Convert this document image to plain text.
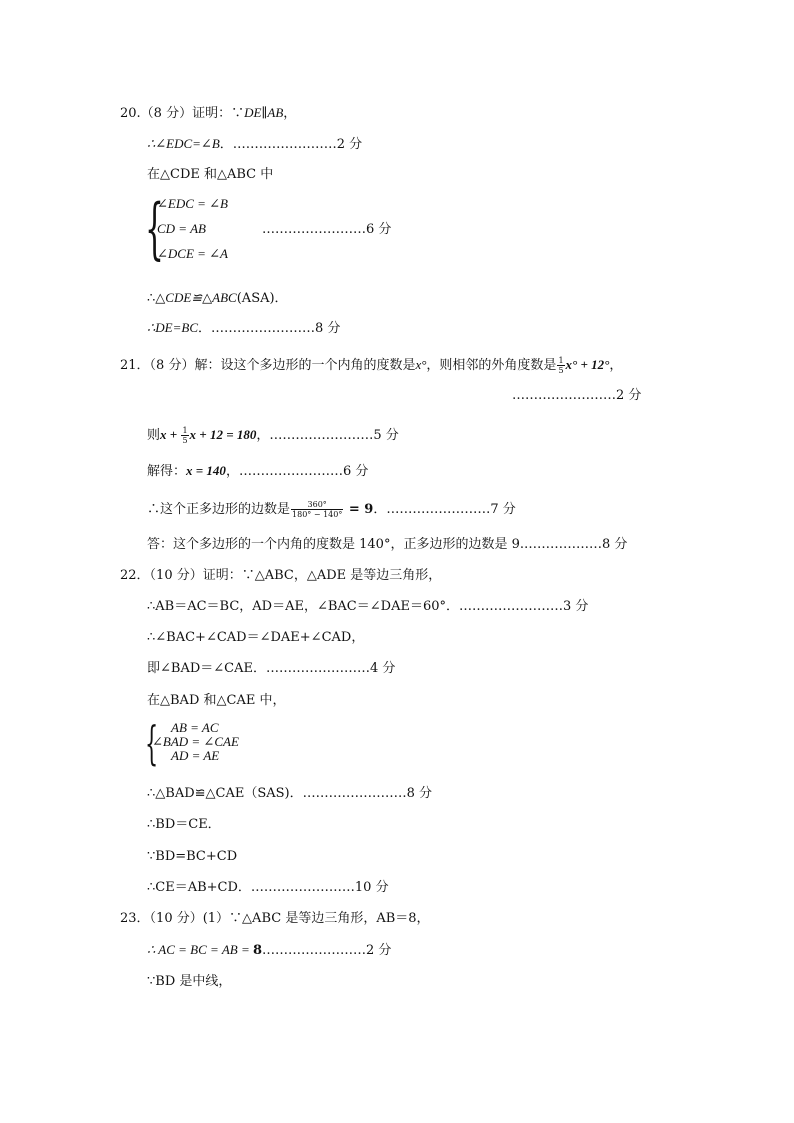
20.（8 分）证明：∵DE∥AB，
∴∠EDC=∠B．……………………2 分
在△CDE 和△ABC 中
{
∠EDC = ∠B
CD = AB
∠DCE = ∠A
……………………6 分
∴△CDE≌△ABC(ASA)．
∴DE=BC．……………………8 分
21．（8 分）解：设这个多边形的一个内角的度数是x°，则相邻的外角度数是 $\frac{1}{5} x^\circ + 12^\circ$，
……………………2 分
则$x + \frac{1}{5}$ x + 12 = 180，……………………5 分
解得：x = 140，……………………6 分
∴这个正多边形的边数是 $\frac{360^\circ}{180^\circ - 140^\circ} = 9$．……………………7 分
答：这个多边形的一个内角的度数是 140°，正多边形的边数是 9.………………8 分
22．（10 分）证明：∵△ABC，△ADE 是等边三角形，
∴AB＝AC＝BC，AD＝AE，∠BAC＝∠DAE＝60°．……………………3 分
∴∠BAC+∠CAD＝∠DAE+∠CAD，
即∠BAD＝∠CAE．……………………4 分
在△BAD 和△CAE 中，
{ AB = AC
∠BAD = ∠CAE
AD = AE
∴△BAD≌△CAE（SAS)．……………………8 分
∴BD＝CE．
∵BD=BC+CD
∴CE＝AB+CD．……………………10 分
23．（10 分）(1）∵△ABC 是等边三角形，AB＝8，
∴ AC = BC = AB = 8……………………2 分
∵BD 是中线，
